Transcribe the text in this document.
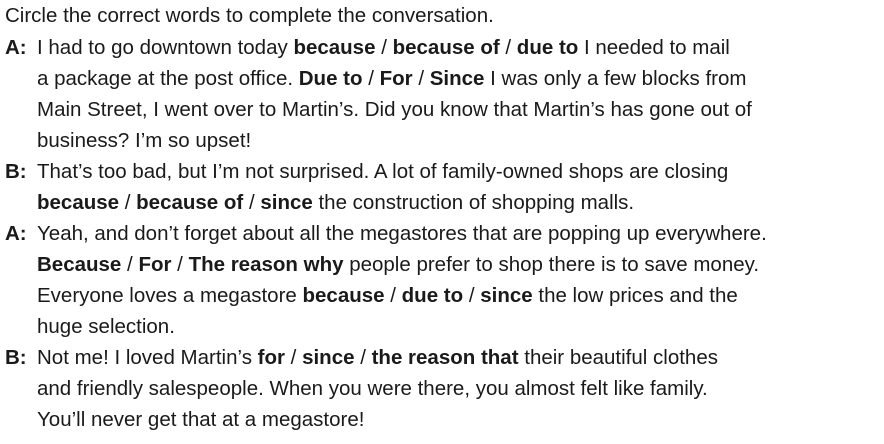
Circle the correct words to complete the conversation.
A: I had to go downtown today because / because of / due to I needed to mail
a package at the post office. Due to / For / Since I was only a few blocks from
Main Street, I went over to Martin’s. Did you know that Martin’s has gone out of
business? I’m so upset!
B: That’s too bad, but I’m not surprised. A lot of family-owned shops are closing
because / because of / since the construction of shopping malls.
A: Yeah, and don’t forget about all the megastores that are popping up everywhere.
Because / For / The reason why people prefer to shop there is to save money.
Everyone loves a megastore because / due to / since the low prices and the
huge selection.
B: Not me! I loved Martin’s for / since / the reason that their beautiful clothes
and friendly salespeople. When you were there, you almost felt like family.
You’ll never get that at a megastore!
